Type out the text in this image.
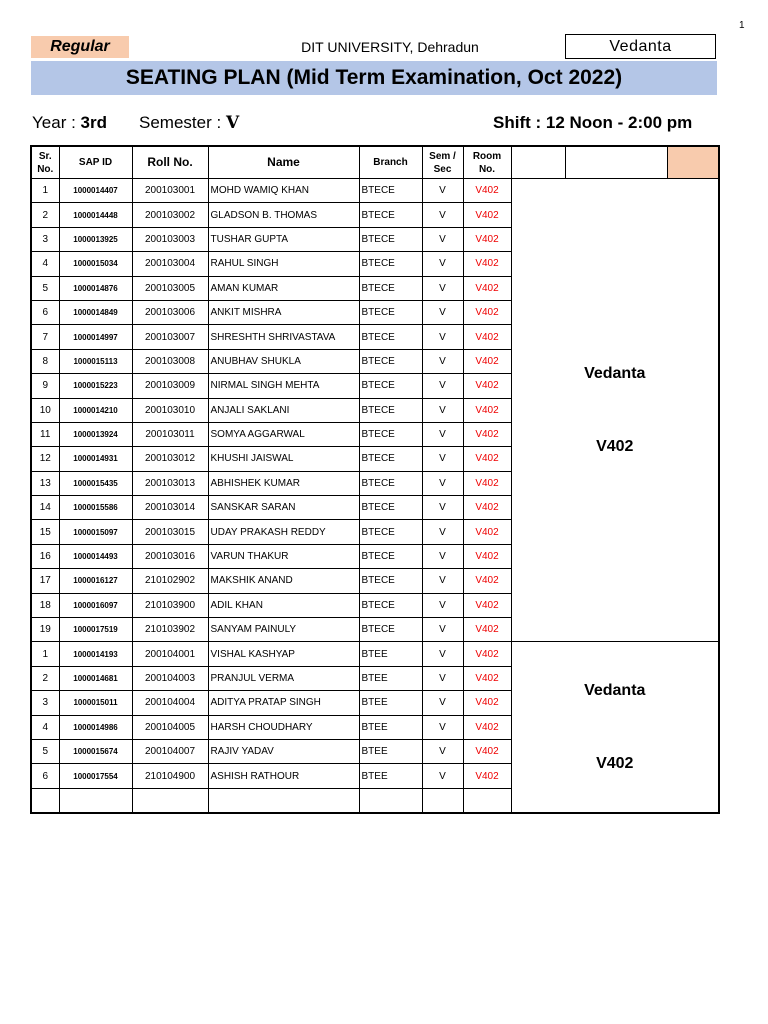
1
Regular	DIT UNIVERSITY, Dehradun	Vedanta
SEATING PLAN (Mid Term Examination, Oct 2022)
Year : 3rd Semester : V	Shift : 12 Noon - 2:00 pm
Sr. No.	SAP ID	Roll No.	Name	Branch	Sem / Sec	Room No.			
1	1000014407	200103001	MOHD WAMIQ KHAN	BTECE	V	V402	Vedanta
V402		

2	1000014448	200103002	GLADSON B. THOMAS	BTECE	V	V402			
3	1000013925	200103003	TUSHAR GUPTA	BTECE	V	V402			
4	1000015034	200103004	RAHUL SINGH	BTECE	V	V402			
5	1000014876	200103005	AMAN KUMAR	BTECE	V	V402			
6	1000014849	200103006	ANKIT MISHRA	BTECE	V	V402			
7	1000014997	200103007	SHRESHTH SHRIVASTAVA	BTECE	V	V402			
8	1000015113	200103008	ANUBHAV SHUKLA	BTECE	V	V402			
9	1000015223	200103009	NIRMAL SINGH MEHTA	BTECE	V	V402			
10	1000014210	200103010	ANJALI SAKLANI	BTECE	V	V402			
11	1000013924	200103011	SOMYA AGGARWAL	BTECE	V	V402			
12	1000014931	200103012	KHUSHI JAISWAL	BTECE	V	V402			
13	1000015435	200103013	ABHISHEK KUMAR	BTECE	V	V402			
14	1000015586	200103014	SANSKAR SARAN	BTECE	V	V402			
15	1000015097	200103015	UDAY PRAKASH REDDY	BTECE	V	V402			
16	1000014493	200103016	VARUN THAKUR	BTECE	V	V402			
17	1000016127	210102902	MAKSHIK ANAND	BTECE	V	V402			
18	1000016097	210103900	ADIL KHAN	BTECE	V	V402			
19	1000017519	210103902	SANYAM PAINULY	BTECE	V	V402			
1	1000014193	200104001	VISHAL KASHYAP	BTEE	V	V402	Vedanta
V402		

2	1000014681	200104003	PRANJUL VERMA	BTEE	V	V402			
3	1000015011	200104004	ADITYA PRATAP SINGH	BTEE	V	V402			
4	1000014986	200104005	HARSH CHOUDHARY	BTEE	V	V402			
5	1000015674	200104007	RAJIV YADAV	BTEE	V	V402			
6	1000017554	210104900	ASHISH RATHOUR	BTEE	V	V402			
